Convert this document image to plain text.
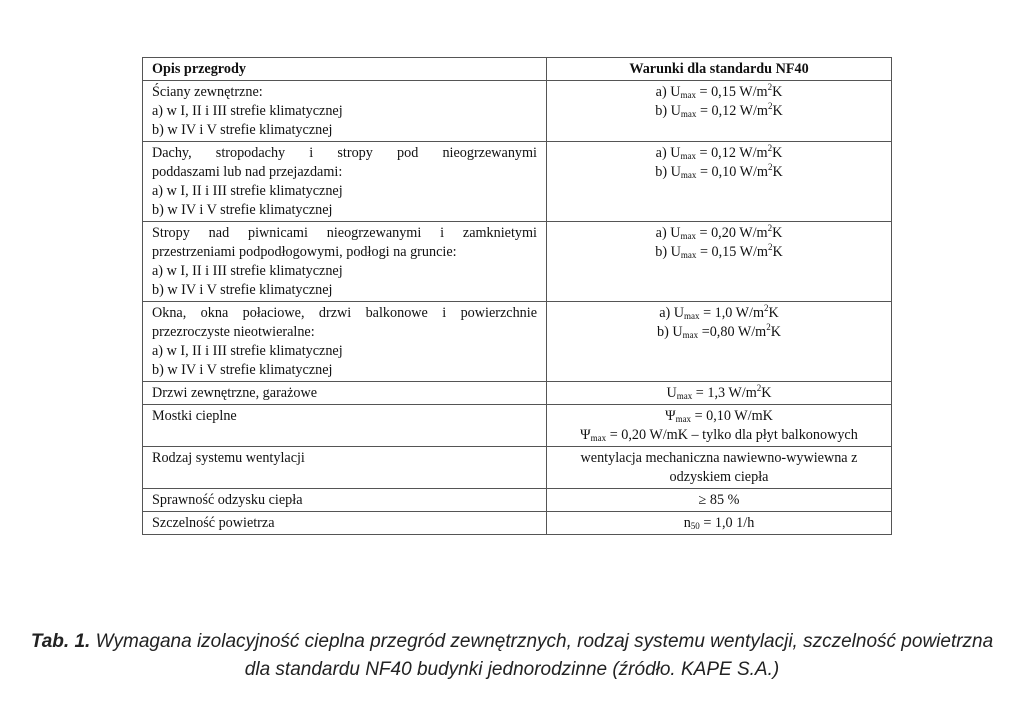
Opis przegrody	Warunki dla standardu NF40

Ściany zewnętrzne:
a) w I, II i III strefie klimatycznej
b) w IV i V strefie klimatycznej	a) $U_{max} = 0,15$ $W/m^2K$
b) $U_{max} = 0,12$ $W/m^2K$

Dachy, stropodachy i stropy pod nieogrzewanymi
poddaszami lub nad przejazdami:
a) w I, II i III strefie klimatycznej
b) w IV i V strefie klimatycznej	a) $U_{max} = 0,12$ $W/m^2K$
b) $U_{max} = 0,10$ $W/m^2K$

Stropy nad piwnicami nieogrzewanymi i zamknietymi
przestrzeniami podpodłogowymi, podłogi na gruncie:
a) w I, II i III strefie klimatycznej
b) w IV i V strefie klimatycznej	a) $U_{max} = 0,20$ $W/m^2K$
b) $U_{max} = 0,15$ $W/m^2K$

Okna, okna połaciowe, drzwi balkonowe i powierzchnie
przezroczyste nieotwieralne:
a) w I, II i III strefie klimatycznej
b) w IV i V strefie klimatycznej	a) $U_{max} = 1,0$ $W/m^2K$
b) $U_{max} =0,80$ $W/m^2K$

Drzwi zewnętrzne, garażowe	$U_{max} = 1,3$ $W/m^2K$

Mostki cieplne	$\Psi_{max} = 0,10$ W/mK
$\Psi_{max} = 0,20$ W/mK – tylko dla płyt balkonowych

Rodzaj systemu wentylacji	wentylacja mechaniczna nawiewno-wywiewna z
odzyskiem ciepła

Sprawność odzysku ciepła	≥ 85 %

Szczelność powietrza	$n_{50} = 1,0$ 1/h
Tab. 1. Wymagana izolacyjność cieplna przegród zewnętrznych, rodzaj systemu wentylacji, szczelność powietrzna
dla standardu NF40 budynki jednorodzinne (źródło. KAPE S.A.)
